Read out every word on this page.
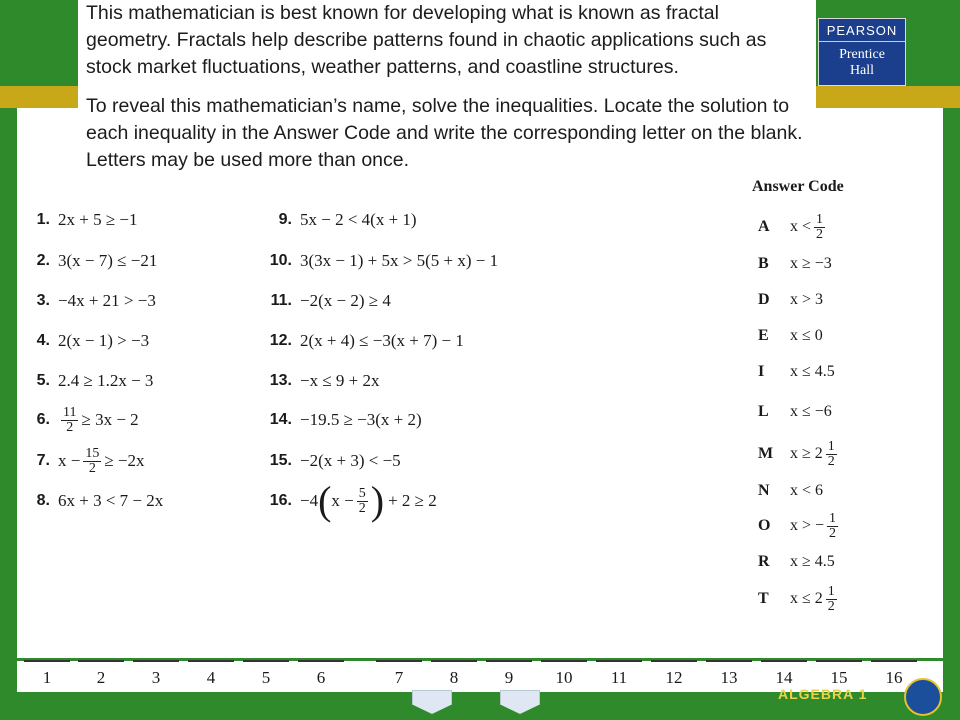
This mathematician is best known for developing what is known as fractal geometry. Fractals help describe patterns found in chaotic applications such as stock market fluctuations, weather patterns, and coastline structures.

To reveal this mathematician’s name, solve the inequalities. Locate the solution to each inequality in the Answer Code and write the corresponding letter on the blank. Letters may be used more than once.

PEARSON
Prentice
Hall
1. 2x + 5 ≥ −1
2. 3(x − 7) ≤ −21
3. −4x + 21 > −3
4. 2(x − 1) > −3
5. 2.4 ≥ 1.2x − 3
6. $\frac{11}{2} \ge 3x - 2$
7. $x - \frac{15}{2} \ge -2x$
8. 6x + 3 < 7 − 2x
9. 5x − 2 < 4(x + 1)
10. 3(3x − 1) + 5x > 5(5 + x) − 1
11. −2(x − 2) ≥ 4
12. 2(x + 4) ≤ −3(x + 7) − 1
13. −x ≤ 9 + 2x
14. −19.5 ≥ −3(x + 2)
15. −2(x + 3) < −5
16. −4 ( $x - \frac{5}{2}$ ) + 2 ≥ 2
Answer Code
A	$x < \frac{1}{2}$
B	x ≥ −3
D	x > 3
E	x ≤ 0
I	x ≤ 4.5
L	x ≤ −6
M	$x \ge 2 \frac{1}{2}$
N	x < 6
O	x > − $\frac{1}{2}$
R	x ≥ 4.5
T	$x \le 2 \frac{1}{2}$
1	2	3	4	5	6	7	8	9	10	11	12	13	14	15	16
ALGEBRA 1
